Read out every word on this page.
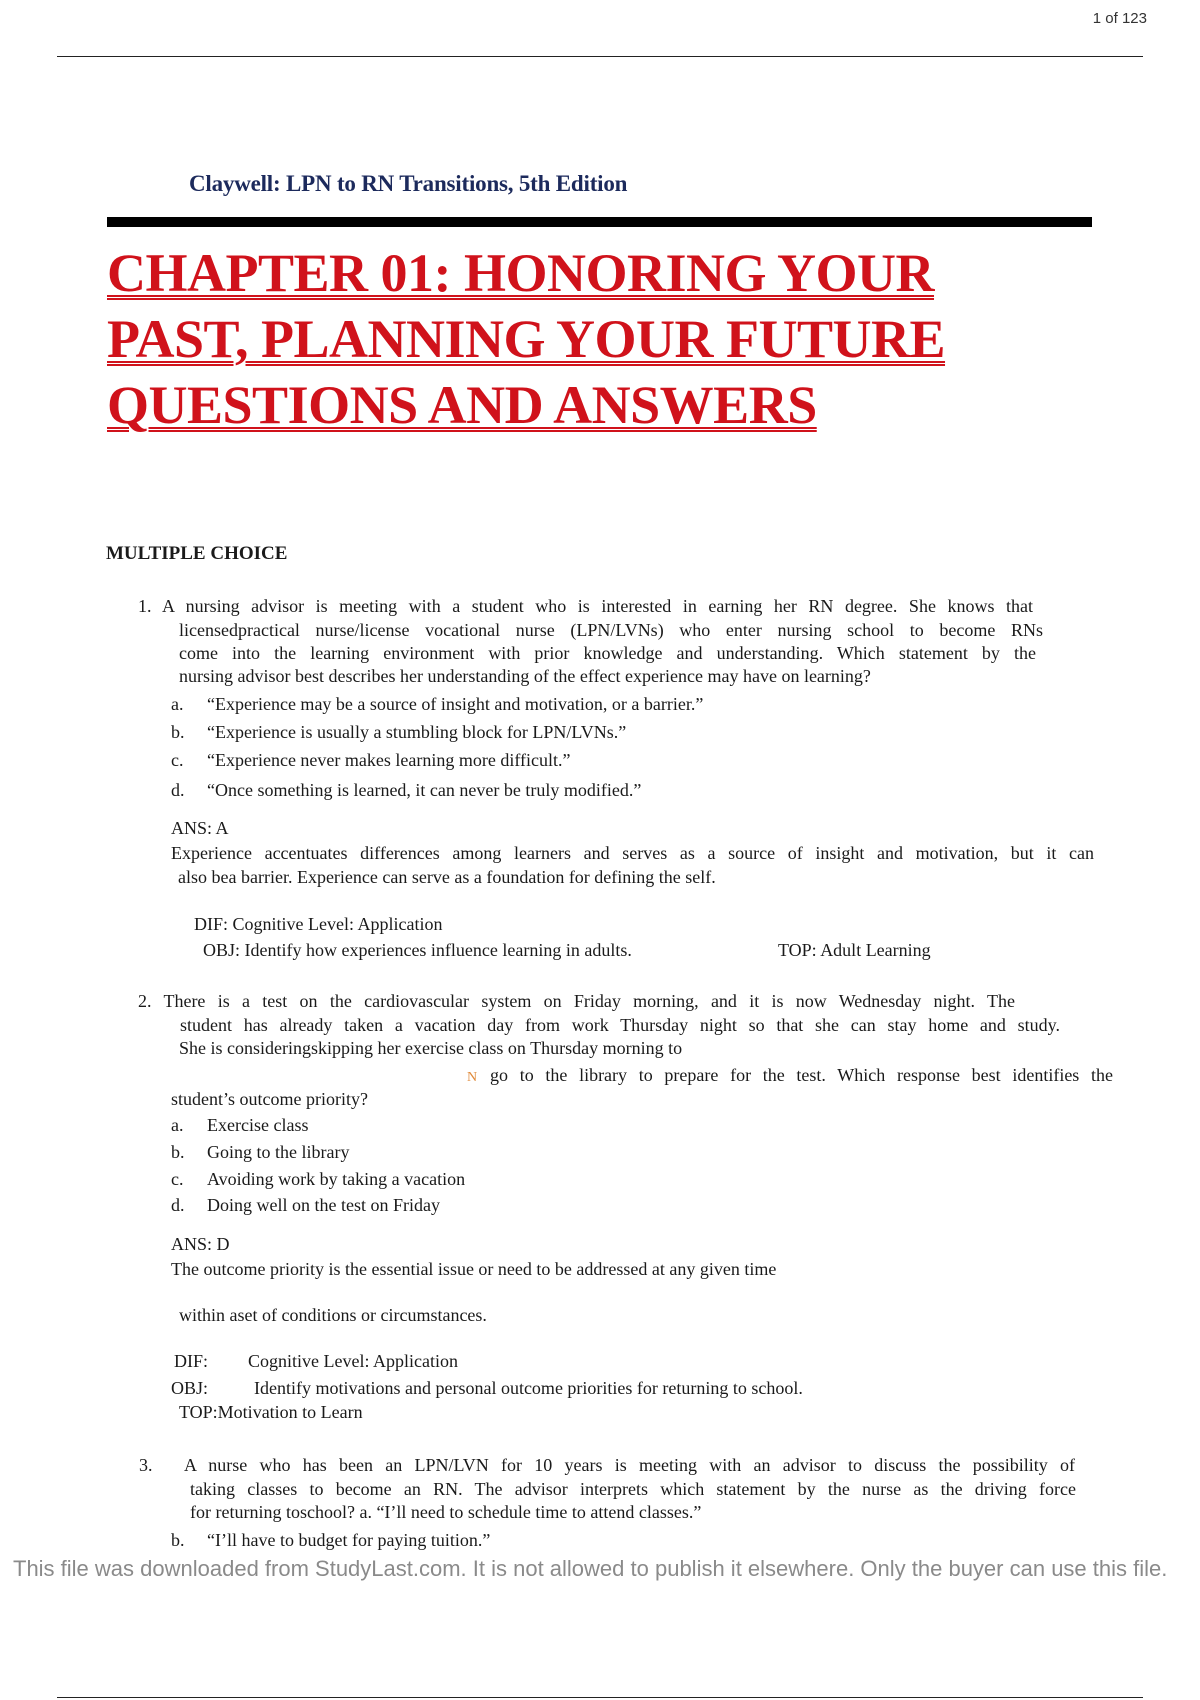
1 of 123
Claywell: LPN to RN Transitions, 5th Edition
CHAPTER 01: HONORING YOUR
PAST, PLANNING YOUR FUTURE
QUESTIONS AND ANSWERS
MULTIPLE CHOICE
1. A nursing advisor is meeting with a student who is interested in earning her RN degree. She knows that
licensedpractical nurse/license vocational nurse (LPN/LVNs) who enter nursing school to become RNs
come into the learning environment with prior knowledge and understanding. Which statement by the
nursing advisor best describes her understanding of the effect experience may have on learning?
a. “Experience may be a source of insight and motivation, or a barrier.”
b. “Experience is usually a stumbling block for LPN/LVNs.”
c. “Experience never makes learning more difficult.”
d. “Once something is learned, it can never be truly modified.”
ANS: A
Experience accentuates differences among learners and serves as a source of insight and motivation, but it can
also bea barrier. Experience can serve as a foundation for defining the self.
DIF: Cognitive Level: Application
OBJ: Identify how experiences influence learning in adults.	TOP: Adult Learning
2. There is a test on the cardiovascular system on Friday morning, and it is now Wednesday night. The
student has already taken a vacation day from work Thursday night so that she can stay home and study.
She is consideringskipping her exercise class on Thursday morning to
N go to the library to prepare for the test. Which response best identifies the
student’s outcome priority?
a. Exercise class
b. Going to the library
c. Avoiding work by taking a vacation
d. Doing well on the test on Friday
ANS: D
The outcome priority is the essential issue or need to be addressed at any given time
within aset of conditions or circumstances.
DIF: Cognitive Level: Application
OBJ:	Identify motivations and personal outcome priorities for returning to school.
TOP:Motivation to Learn
3. A nurse who has been an LPN/LVN for 10 years is meeting with an advisor to discuss the possibility of
taking classes to become an RN. The advisor interprets which statement by the nurse as the driving force
for returning toschool? a. “I’ll need to schedule time to attend classes.”
b. “I’ll have to budget for paying tuition.”
This file was downloaded from StudyLast.com. It is not allowed to publish it elsewhere. Only the buyer can use this file.
